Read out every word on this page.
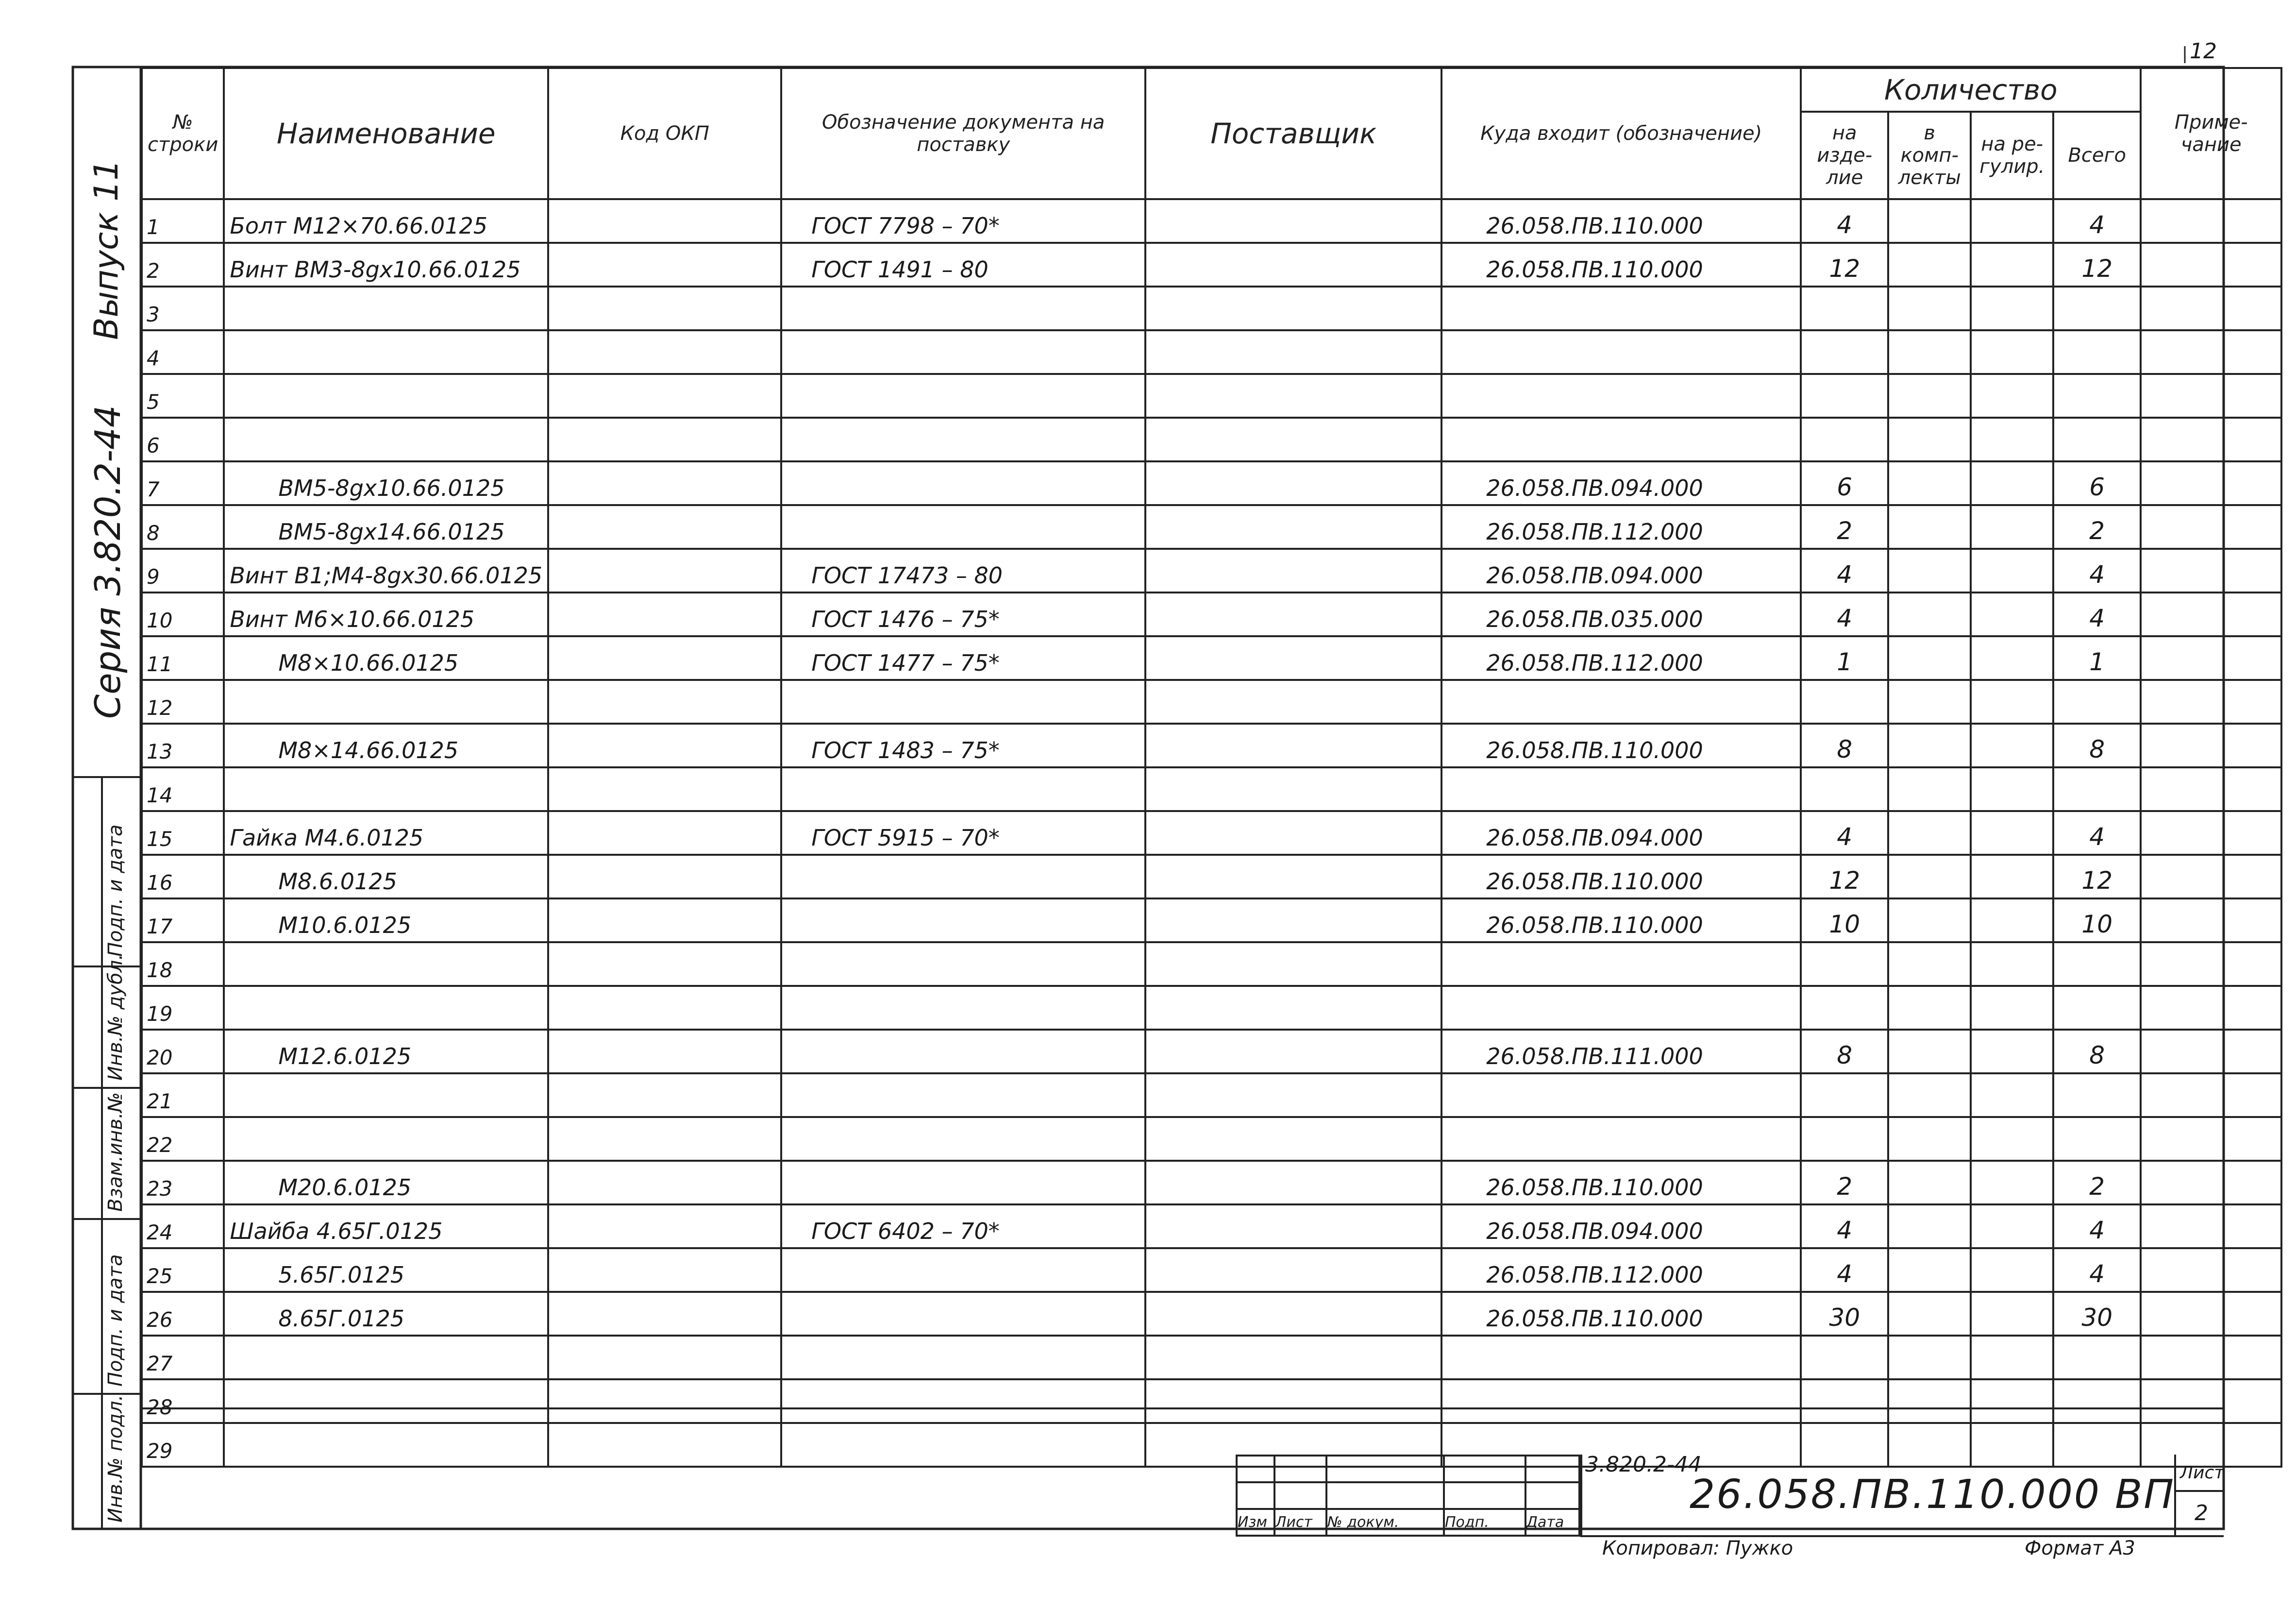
12
Серия 3.820.2-44
Выпуск 11
Подп. и дата
Инв.№ дубл.
Взам.инв.№
Подп. и дата
Инв.№ подл.
№ строки	Наименование	Код ОКП	Обозначение документа на поставку	Поставщик	Куда входит (обозначение)	Количество				Приме-чание
						на изде-лие	в комп-лекты	на ре-гулир.	Всего	
1	Болт М12×70.66.0125		ГОСТ 7798 – 70*		26.058.ПВ.110.000	4			4	
2	Винт ВМ3-8gх10.66.0125		ГОСТ 1491 – 80		26.058.ПВ.110.000	12			12	
3										
4										
5										
6										
7	ВМ5-8gх10.66.0125				26.058.ПВ.094.000	6			6	
8	ВМ5-8gх14.66.0125				26.058.ПВ.112.000	2			2	
9	Винт В1;М4-8gх30.66.0125		ГОСТ 17473 – 80		26.058.ПВ.094.000	4			4	
10	Винт М6×10.66.0125		ГОСТ 1476 – 75*		26.058.ПВ.035.000	4			4	
11	М8×10.66.0125		ГОСТ 1477 – 75*		26.058.ПВ.112.000	1			1	
12										
13	М8×14.66.0125		ГОСТ 1483 – 75*		26.058.ПВ.110.000	8			8	
14										
15	Гайка М4.6.0125		ГОСТ 5915 – 70*		26.058.ПВ.094.000	4			4	
16	М8.6.0125				26.058.ПВ.110.000	12			12	
17	М10.6.0125				26.058.ПВ.110.000	10			10	
18										
19										
20	М12.6.0125				26.058.ПВ.111.000	8			8	
21										
22										
23	М20.6.0125				26.058.ПВ.110.000	2			2	
24	Шайба 4.65Г.0125		ГОСТ 6402 – 70*		26.058.ПВ.094.000	4			4	
25	5.65Г.0125				26.058.ПВ.112.000	4			4	
26	8.65Г.0125				26.058.ПВ.110.000	30			30	
27										
28										
29										

Изм	Лист	№ докум.	Подп.	Дата
3.820.2-44
26.058.ПВ.110.000 ВП Лист
2
Копировал: Пужко	Формат А3
